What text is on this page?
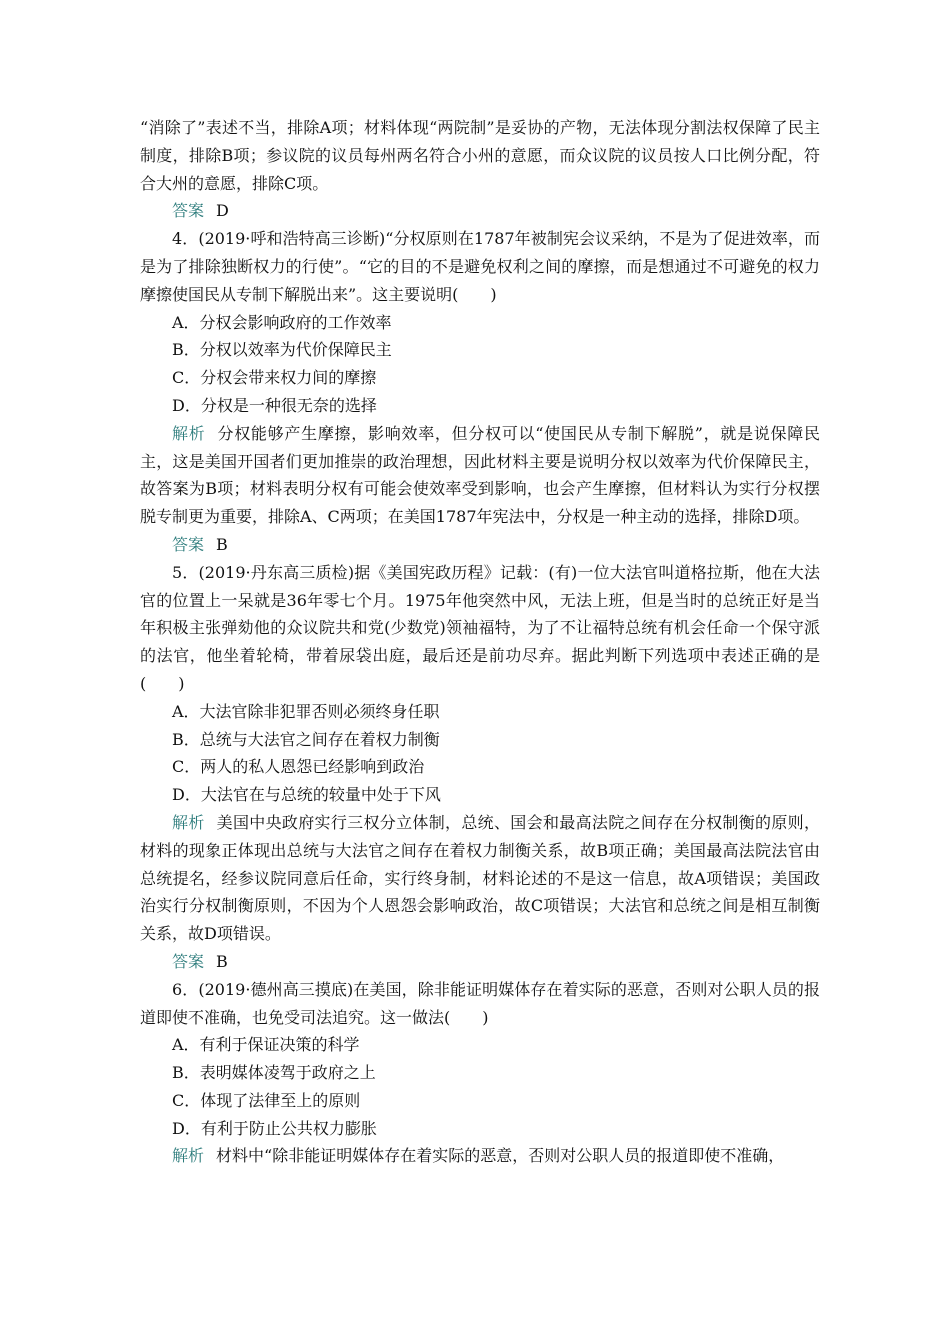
“消除了”表述不当，排除A项；材料体现“两院制”是妥协的产物，无法体现分割法权保障了民主制度，排除B项；参议院的议员每州两名符合小州的意愿，而众议院的议员按人口比例分配，符合大州的意愿，排除C项。

答案 D

4．(2019·呼和浩特高三诊断)“分权原则在1787年被制宪会议采纳，不是为了促进效率，而是为了排除独断权力的行使”。“它的目的不是避免权利之间的摩擦，而是想通过不可避免的权力摩擦使国民从专制下解脱出来”。这主要说明(　　)

A．分权会影响政府的工作效率

B．分权以效率为代价保障民主

C．分权会带来权力间的摩擦

D．分权是一种很无奈的选择

解析 分权能够产生摩擦，影响效率，但分权可以“使国民从专制下解脱”，就是说保障民主，这是美国开国者们更加推崇的政治理想，因此材料主要是说明分权以效率为代价保障民主，故答案为B项；材料表明分权有可能会使效率受到影响，也会产生摩擦，但材料认为实行分权摆脱专制更为重要，排除A、C两项；在美国1787年宪法中，分权是一种主动的选择，排除D项。

答案 B

5．(2019·丹东高三质检)据《美国宪政历程》记载：(有)一位大法官叫道格拉斯，他在大法官的位置上一呆就是36年零七个月。1975年他突然中风，无法上班，但是当时的总统正好是当年积极主张弹劾他的众议院共和党(少数党)领袖福特，为了不让福特总统有机会任命一个保守派的法官，他坐着轮椅，带着尿袋出庭，最后还是前功尽弃。据此判断下列选项中表述正确的是(　　)

A．大法官除非犯罪否则必须终身任职

B．总统与大法官之间存在着权力制衡

C．两人的私人恩怨已经影响到政治

D．大法官在与总统的较量中处于下风

解析 美国中央政府实行三权分立体制，总统、国会和最高法院之间存在分权制衡的原则，材料的现象正体现出总统与大法官之间存在着权力制衡关系，故B项正确；美国最高法院法官由总统提名，经参议院同意后任命，实行终身制，材料论述的不是这一信息，故A项错误；美国政治实行分权制衡原则，不因为个人恩怨会影响政治，故C项错误；大法官和总统之间是相互制衡关系，故D项错误。

答案 B

6．(2019·德州高三摸底)在美国，除非能证明媒体存在着实际的恶意，否则对公职人员的报道即使不准确，也免受司法追究。这一做法(　　)

A．有利于保证决策的科学

B．表明媒体凌驾于政府之上

C．体现了法律至上的原则

D．有利于防止公共权力膨胀

解析 材料中“除非能证明媒体存在着实际的恶意，否则对公职人员的报道即使不准确，
